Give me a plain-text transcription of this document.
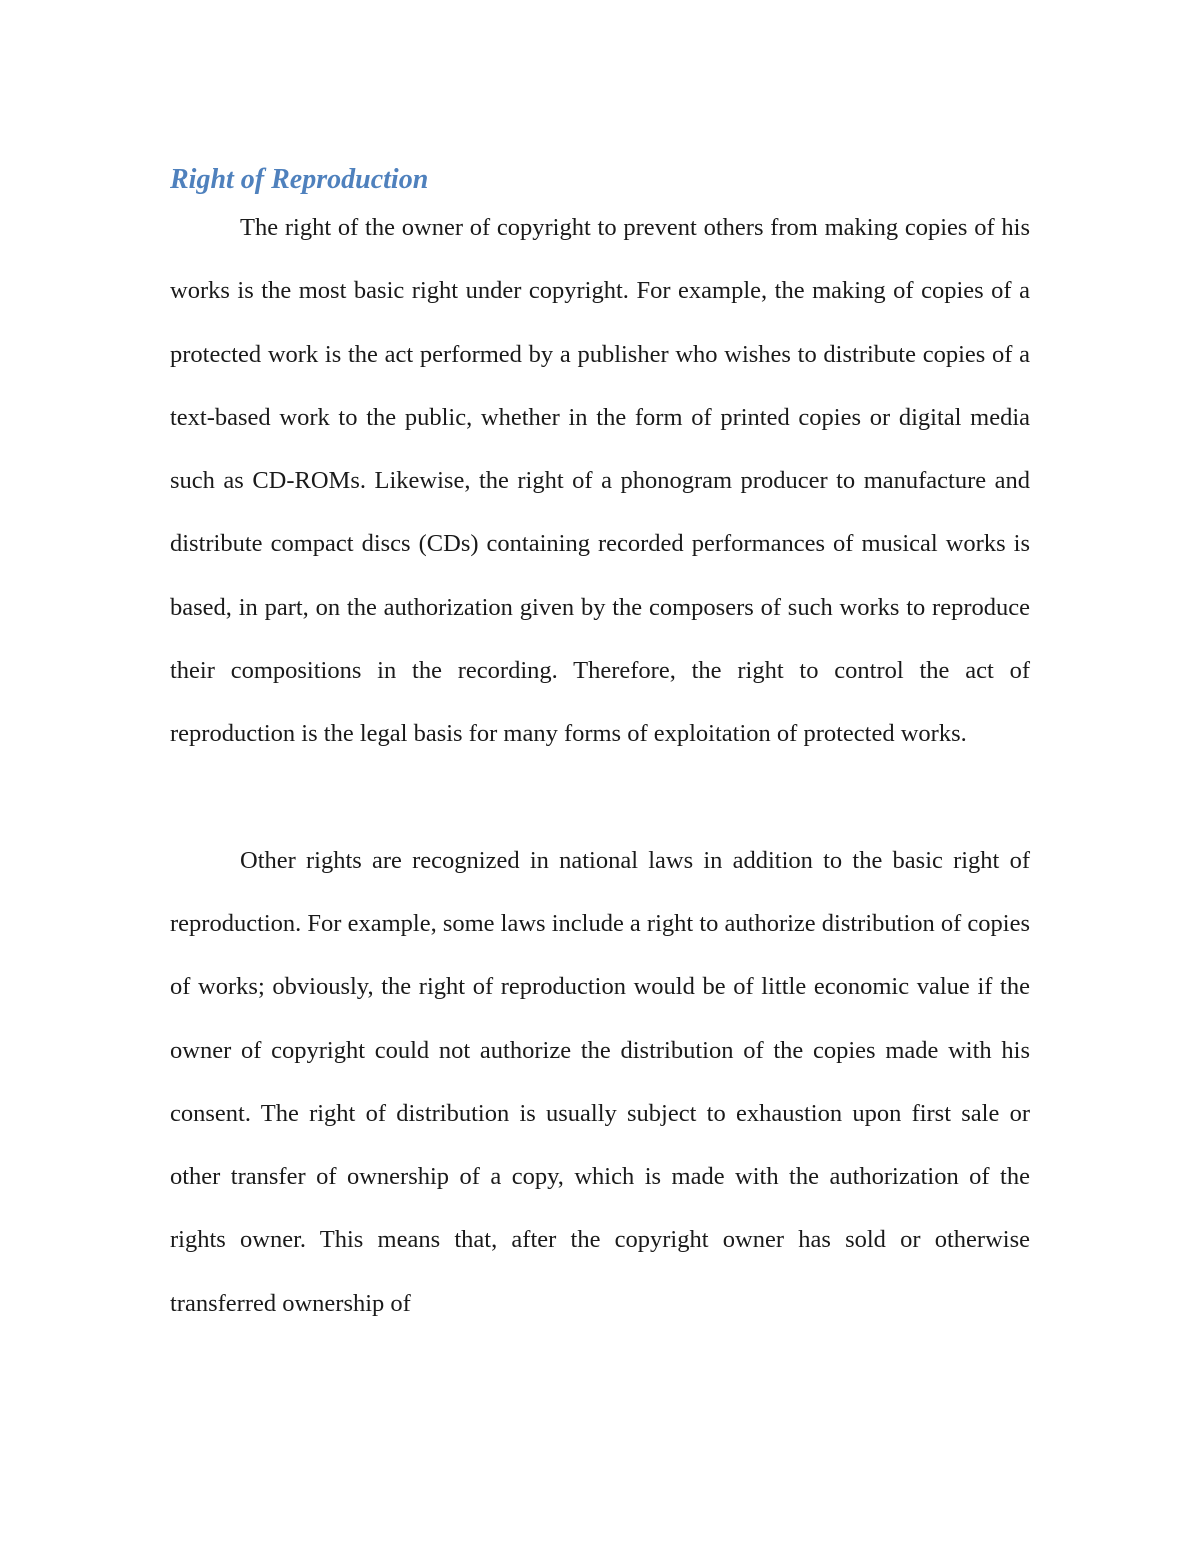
Right of Reproduction

The right of the owner of copyright to prevent others from making copies of his works is the most basic right under copyright. For example, the making of copies of a protected work is the act performed by a publisher who wishes to distribute copies of a text-based work to the public, whether in the form of printed copies or digital media such as CD-ROMs. Likewise, the right of a phonogram producer to manufacture and distribute compact discs (CDs) containing recorded performances of musical works is based, in part, on the authorization given by the composers of such works to reproduce their compositions in the recording. Therefore, the right to control the act of reproduction is the legal basis for many forms of exploitation of protected works.

Other rights are recognized in national laws in addition to the basic right of reproduction. For example, some laws include a right to authorize distribution of copies of works; obviously, the right of reproduction would be of little economic value if the owner of copyright could not authorize the distribution of the copies made with his consent. The right of distribution is usually subject to exhaustion upon first sale or other transfer of ownership of a copy, which is made with the authorization of the rights owner. This means that, after the copyright owner has sold or otherwise transferred ownership of
